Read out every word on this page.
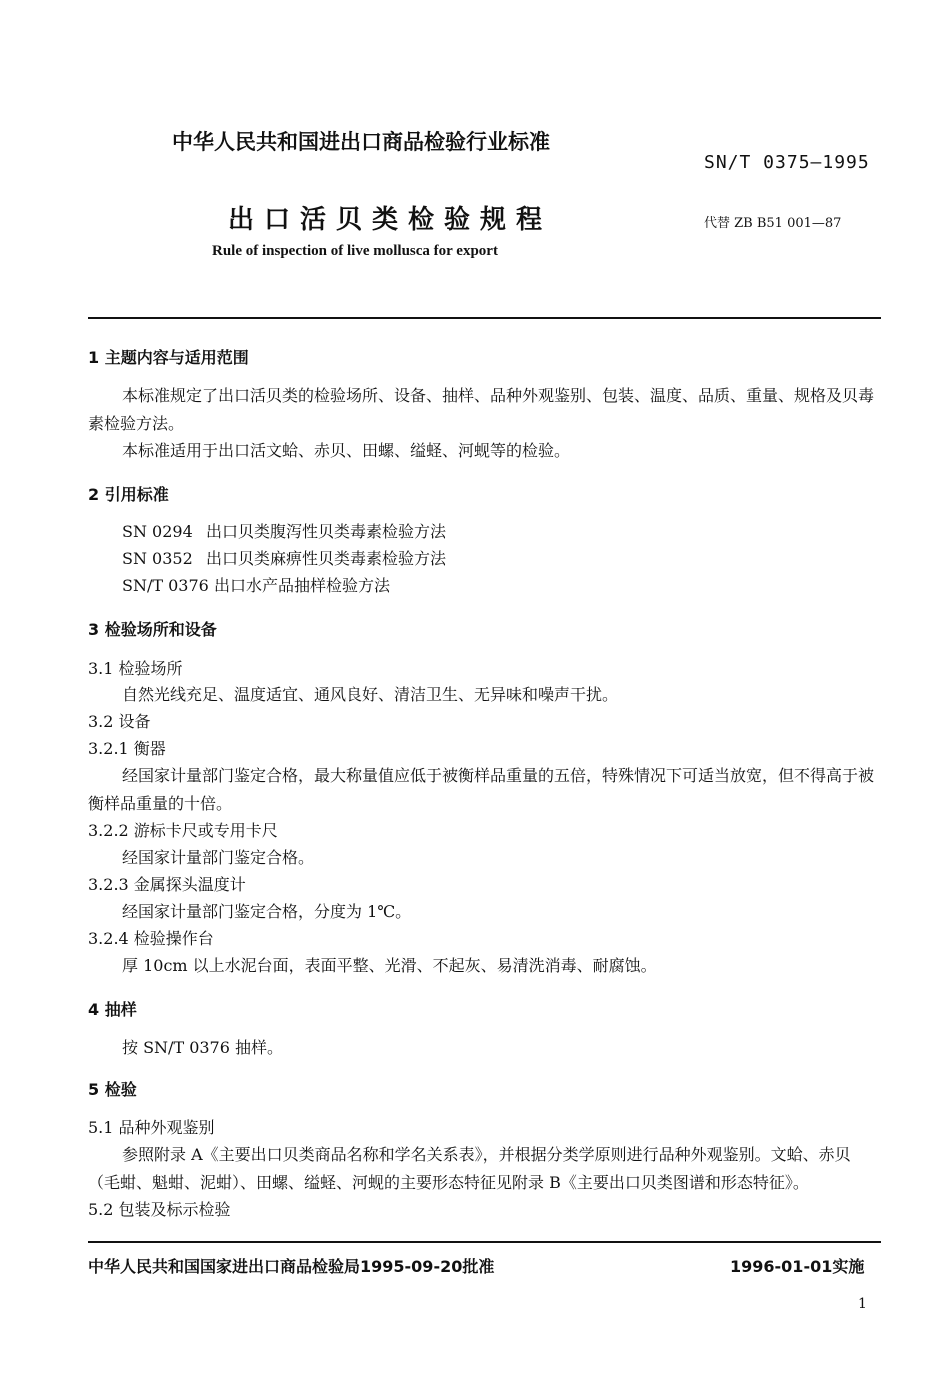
中华人民共和国进出口商品检验行业标准
SN/T 0375—1995
出口活贝类检验规程	代替 ZB B51 001—87
Rule of inspection of live mollusca for export
1 主题内容与适用范围
本标准规定了出口活贝类的检验场所、设备、抽样、品种外观鉴别、包装、温度、品质、重量、规格及贝毒素检验方法。
本标准适用于出口活文蛤、赤贝、田螺、缢蛏、河蚬等的检验。
2 引用标准
SN 0294 出口贝类腹泻性贝类毒素检验方法
SN 0352 出口贝类麻痹性贝类毒素检验方法
SN/T 0376 出口水产品抽样检验方法
3 检验场所和设备
3.1 检验场所
自然光线充足、温度适宜、通风良好、清洁卫生、无异味和噪声干扰。
3.2 设备
3.2.1 衡器
经国家计量部门鉴定合格，最大称量值应低于被衡样品重量的五倍，特殊情况下可适当放宽，但不得高于被衡样品重量的十倍。
3.2.2 游标卡尺或专用卡尺
经国家计量部门鉴定合格。
3.2.3 金属探头温度计
经国家计量部门鉴定合格，分度为 1℃。
3.2.4 检验操作台
厚 10cm 以上水泥台面，表面平整、光滑、不起灰、易清洗消毒、耐腐蚀。
4 抽样
按 SN/T 0376 抽样。
5 检验
5.1 品种外观鉴别
参照附录 A《主要出口贝类商品名称和学名关系表》，并根据分类学原则进行品种外观鉴别。文蛤、赤贝（毛蚶、魁蚶、泥蚶）、田螺、缢蛏、河蚬的主要形态特征见附录 B《主要出口贝类图谱和形态特征》。
5.2 包装及标示检验
中华人民共和国国家进出口商品检验局1995-09-20批准	1996-01-01实施
1
